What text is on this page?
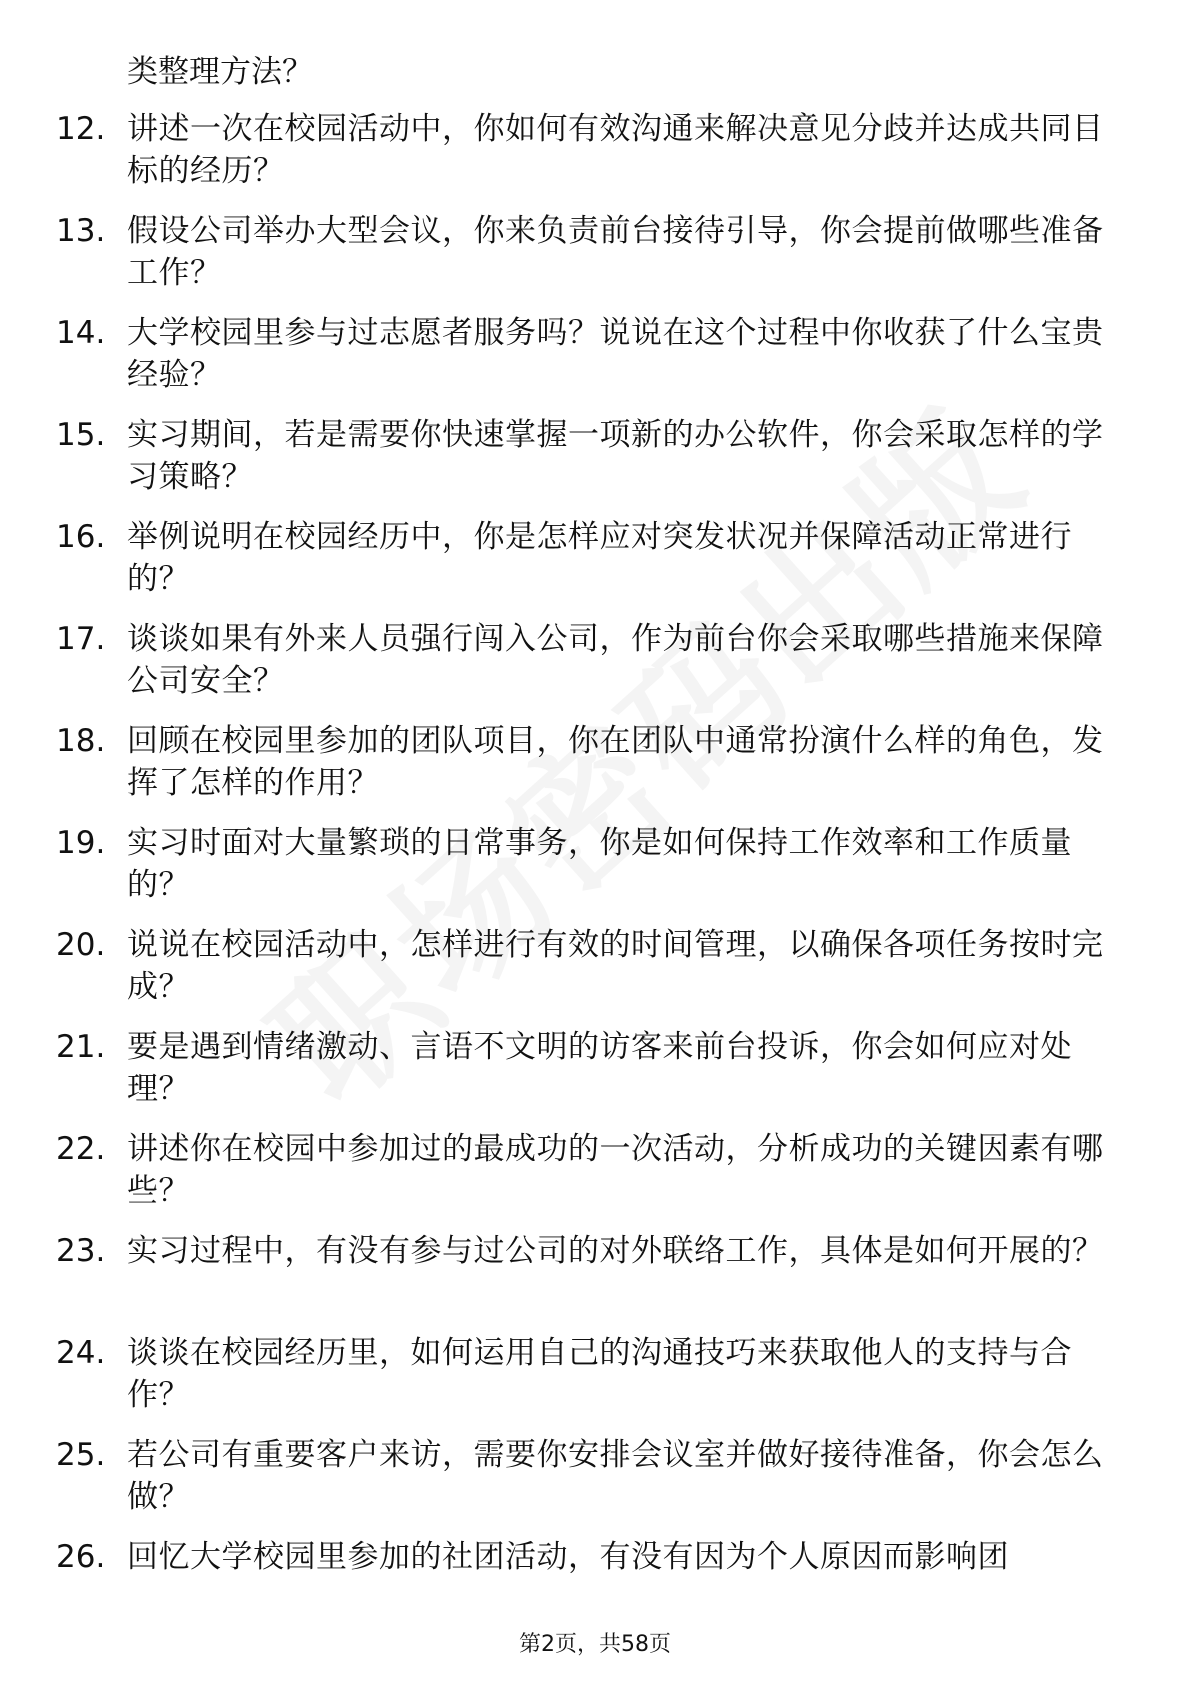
类整理方法？
12. 讲述一次在校园活动中，你如何有效沟通来解决意见分歧并达成共同目标的经历？
13. 假设公司举办大型会议，你来负责前台接待引导，你会提前做哪些准备工作？
14. 大学校园里参与过志愿者服务吗？说说在这个过程中你收获了什么宝贵经验？
15. 实习期间，若是需要你快速掌握一项新的办公软件，你会采取怎样的学习策略？
16. 举例说明在校园经历中，你是怎样应对突发状况并保障活动正常进行的？
17. 谈谈如果有外来人员强行闯入公司，作为前台你会采取哪些措施来保障公司安全？
18. 回顾在校园里参加的团队项目，你在团队中通常扮演什么样的角色，发挥了怎样的作用？
19. 实习时面对大量繁琐的日常事务，你是如何保持工作效率和工作质量的？
20. 说说在校园活动中，怎样进行有效的时间管理，以确保各项任务按时完成？
21. 要是遇到情绪激动、言语不文明的访客来前台投诉，你会如何应对处理？
22. 讲述你在校园中参加过的最成功的一次活动，分析成功的关键因素有哪些？
23. 实习过程中，有没有参与过公司的对外联络工作，具体是如何开展的？
24. 谈谈在校园经历里，如何运用自己的沟通技巧来获取他人的支持与合作？
25. 若公司有重要客户来访，需要你安排会议室并做好接待准备，你会怎么做？
26. 回忆大学校园里参加的社团活动，有没有因为个人原因而影响团
第2页，共58页
